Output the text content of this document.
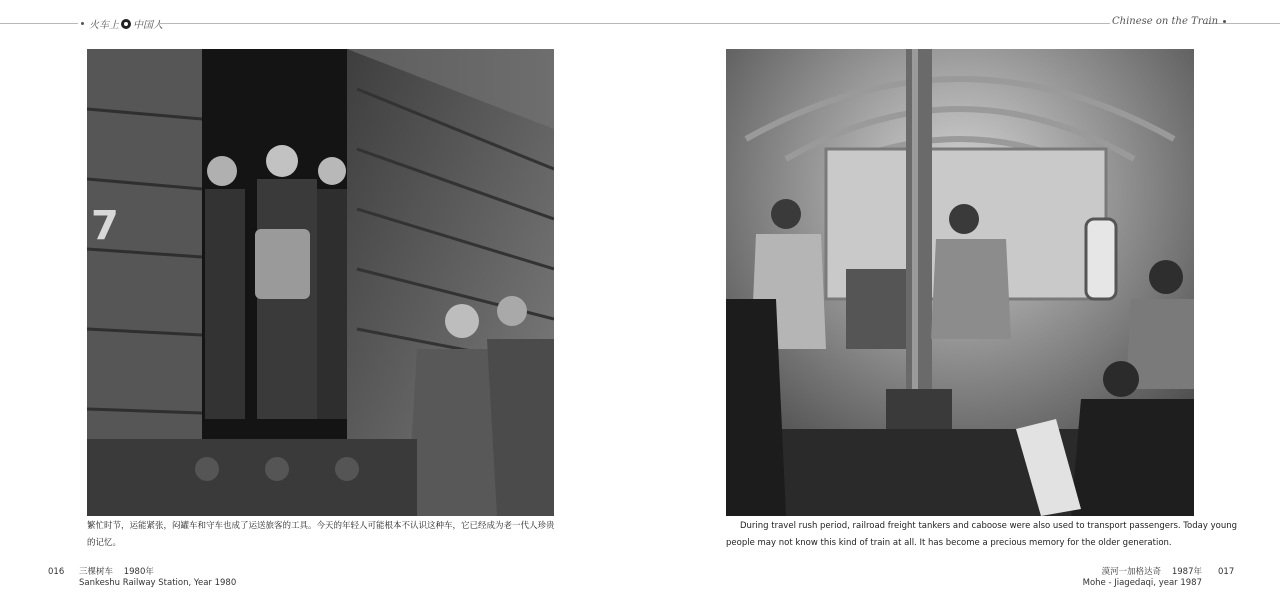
火车上 中国人
7
繁忙时节，运能紧张，闷罐车和守车也成了运送旅客的工具。今天的年轻人可能根本不认识这种车，它已经成为老一代人珍贵的记忆。
016 三棵树车 1980年
Sankeshu Railway Station, Year 1980
Chinese on the Train
During travel rush period, railroad freight tankers and caboose were also used to transport passengers. Today young
people may not know this kind of train at all. It has become a precious memory for the older generation.
漠河一加格达奇 1987年
Mohe - Jiagedaqi, year 1987
017
